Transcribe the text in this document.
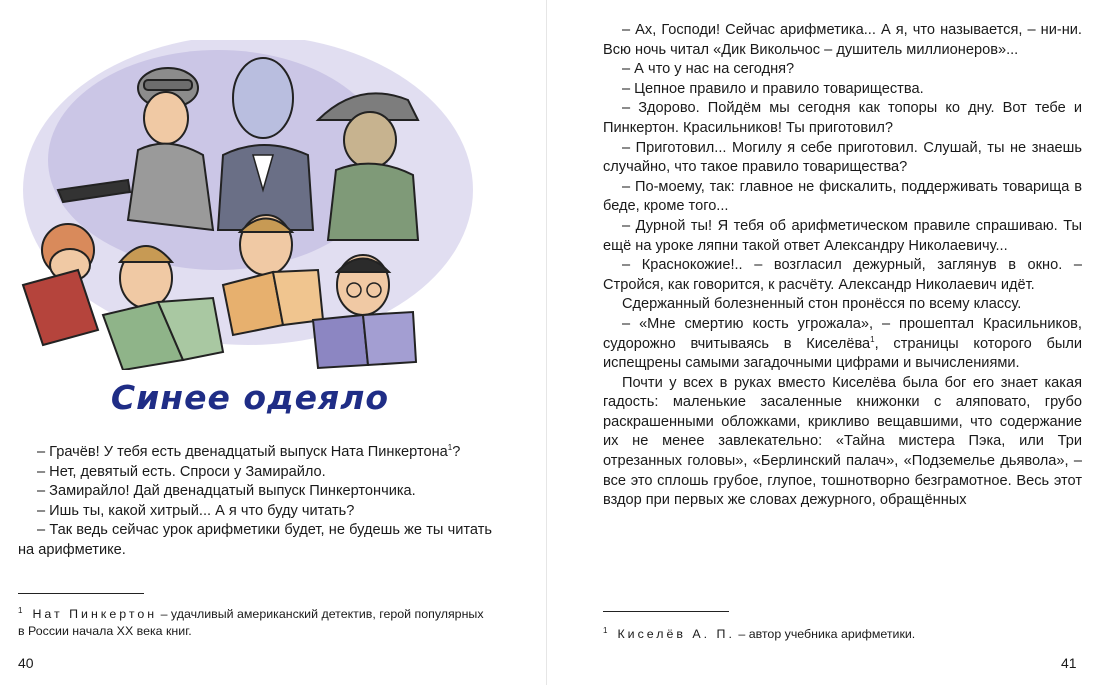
Синее одеяло

– Грачёв! У тебя есть двенадцатый выпуск Ната Пинкертона$^1$?

– Нет, девятый есть. Спроси у Замирайло.

– Замирайло! Дай двенадцатый выпуск Пинкертончика.

– Ишь ты, какой хитрый... А я что буду читать?

– Так ведь сейчас урок арифметики будет, не будешь же ты читать на арифметике.

$^1$ Нат Пинкертон – удачливый американский детектив, герой популярных в России начала XX века книг.
40

– Ах, Господи! Сейчас арифметика... А я, что называется, – ни-ни. Всю ночь читал «Дик Викольчос – душитель миллионеров»...

– А что у нас на сегодня?

– Цепное правило и правило товарищества.

– Здорово. Пойдём мы сегодня как топоры ко дну. Вот тебе и Пинкертон. Красильников! Ты приготовил?

– Приготовил... Могилу я себе приготовил. Слушай, ты не знаешь случайно, что такое правило товарищества?

– По-моему, так: главное не фискалить, поддерживать товарища в беде, кроме того...

– Дурной ты! Я тебя об арифметическом правиле спрашиваю. Ты ещё на уроке ляпни такой ответ Александру Николаевичу...

– Краснокожие!.. – возгласил дежурный, заглянув в окно. – Стройся, как говорится, к расчёту. Александр Николаевич идёт.

Сдержанный болезненный стон пронёсся по всему классу.

– «Мне смертию кость угрожала», – прошептал Красильников, судорожно вчитываясь в Киселёва$^1$, страницы которого были испещрены самыми загадочными цифрами и вычислениями.

Почти у всех в руках вместо Киселёва была бог его знает какая гадость: маленькие засаленные книжонки с аляповато, грубо раскрашенными обложками, крикливо вещавшими, что содержание их не менее завлекательно: «Тайна мистера Пэка, или Три отрезанных головы», «Берлинский палач», «Подземелье дьявола», – все это сплошь грубое, глупое, тошнотворно безграмотное. Весь этот вздор при первых же словах дежурного, обращённых

$^1$ Киселёв А. П. – автор учебника арифметики.
41
